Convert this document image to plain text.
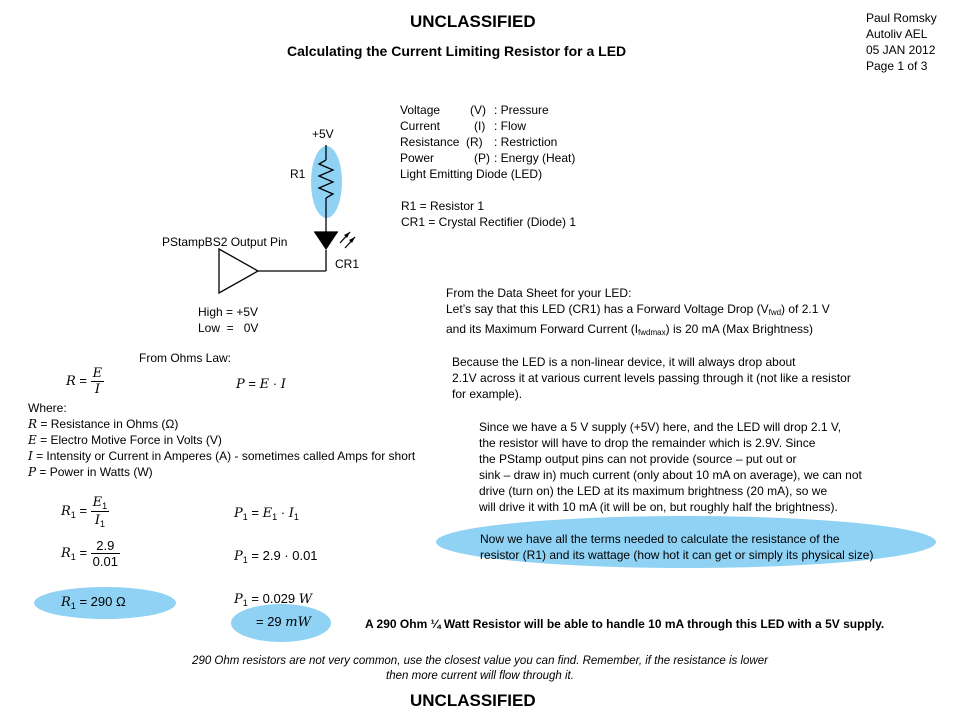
UNCLASSIFIED
Calculating the Current Limiting Resistor for a LED
Paul Romsky
Autoliv AEL
05 JAN 2012
Page 1 of 3
+5V
R1
CR1
PStampBS2 Output Pin
High = +5V
Low  =   0V
Voltage (V) : Pressure
Current	(I) : Flow
Resistance (R) : Restriction
Power	(P) : Energy (Heat)
Light Emitting Diode (LED)
R1 = Resistor 1
CR1 = Crystal Rectifier (Diode) 1
From the Data Sheet for your LED:
Let’s say that this LED (CR1) has a Forward Voltage Drop $(V_{fwd})$ of 2.1 V
and its Maximum Forward Current $(I_{fwdmax})$ is 20 mA (Max Brightness)
Because the LED is a non-linear device, it will always drop about
2.1V across it at various current levels passing through it (not like a resistor
for example).
Since we have a 5 V supply (+5V) here, and the LED will drop 2.1 V,
the resistor will have to drop the remainder which is 2.9V. Since
the PStamp output pins can not provide (source – put out or
sink – draw in) much current (only about 10 mA on average), we can not
drive (turn on) the LED at its maximum brightness (20 mA), so we
will drive it with 10 mA (it will be on, but roughly half the brightness).
Now we have all the terms needed to calculate the resistance of the
resistor (R1) and its wattage (how hot it can get or simply its physical size)
From Ohms Law:
$R = \frac{E}{I}$	P = E · I
Where:
R = Resistance in Ohms (Ω)
E = Electro Motive Force in Volts (V)
I = Intensity or Current in Amperes (A) - sometimes called Amps for short
P = Power in Watts (W)
$R_1 = \frac{E_1}{I_1}$	$P_1 = E_1 \cdot I_1$
$R_1 = \frac{2.9}{0.01}$	$P_1 = 2.9 \cdot 0.01$
$R_1 = 290$ Ω	$P_1 = 0.029$ W
= 29 mW	A 290 Ohm ¼ Watt Resistor will be able to handle 10 mA through this LED with a 5V supply.
290 Ohm resistors are not very common, use the closest value you can find. Remember, if the resistance is lower
then more current will flow through it.
UNCLASSIFIED
